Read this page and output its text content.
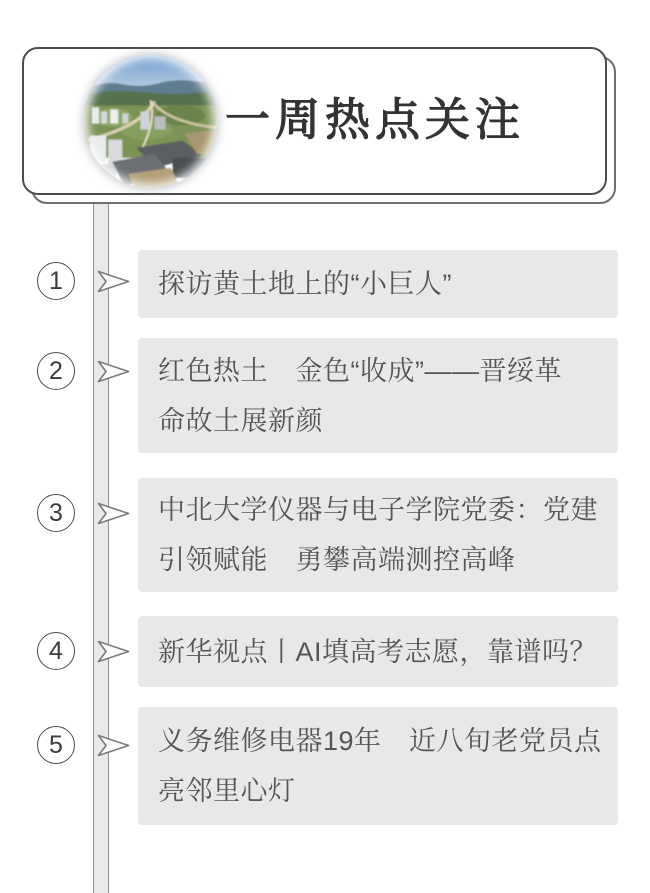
一周热点关注
1	探访黄土地上的“小巨人”
2	红色热土　金色“收成”——晋绥革
命故土展新颜
3	中北大学仪器与电子学院党委：党建
引领赋能　勇攀高端测控高峰
4	新华视点丨AI填高考志愿，靠谱吗？
5	义务维修电器19年　近八旬老党员点
亮邻里心灯
